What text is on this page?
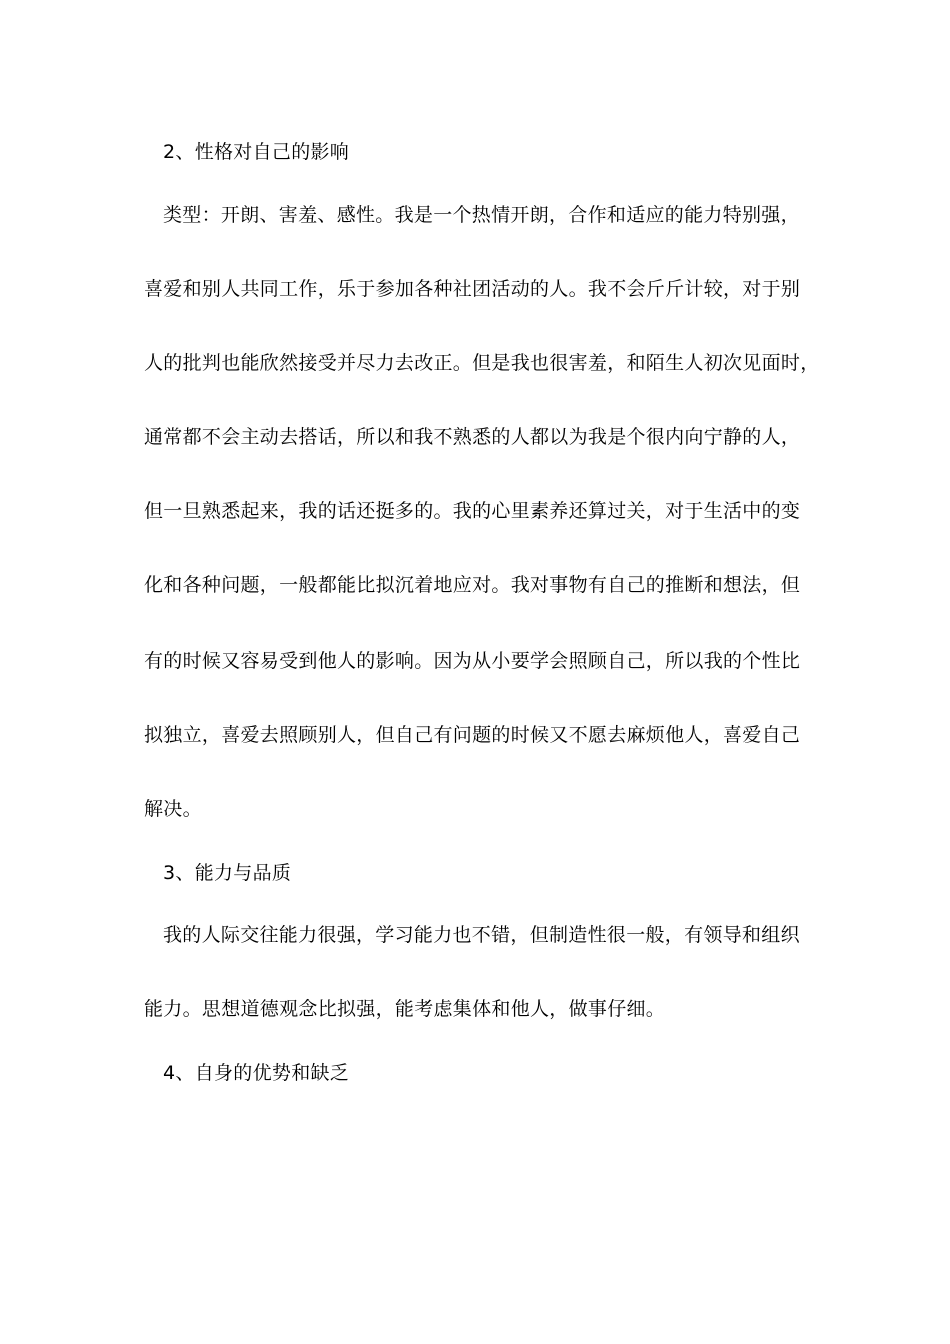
2、性格对自己的影响
类型：开朗、害羞、感性。我是一个热情开朗，合作和适应的能力特别强，
喜爱和别人共同工作，乐于参加各种社团活动的人。我不会斤斤计较，对于别
人的批判也能欣然接受并尽力去改正。但是我也很害羞，和陌生人初次见面时，
通常都不会主动去搭话，所以和我不熟悉的人都以为我是个很内向宁静的人，
但一旦熟悉起来，我的话还挺多的。我的心里素养还算过关，对于生活中的变
化和各种问题，一般都能比拟沉着地应对。我对事物有自己的推断和想法，但
有的时候又容易受到他人的影响。因为从小要学会照顾自己，所以我的个性比
拟独立，喜爱去照顾别人，但自己有问题的时候又不愿去麻烦他人，喜爱自己
解决。
3、能力与品质
我的人际交往能力很强，学习能力也不错，但制造性很一般，有领导和组织
能力。思想道德观念比拟强，能考虑集体和他人，做事仔细。
4、自身的优势和缺乏
